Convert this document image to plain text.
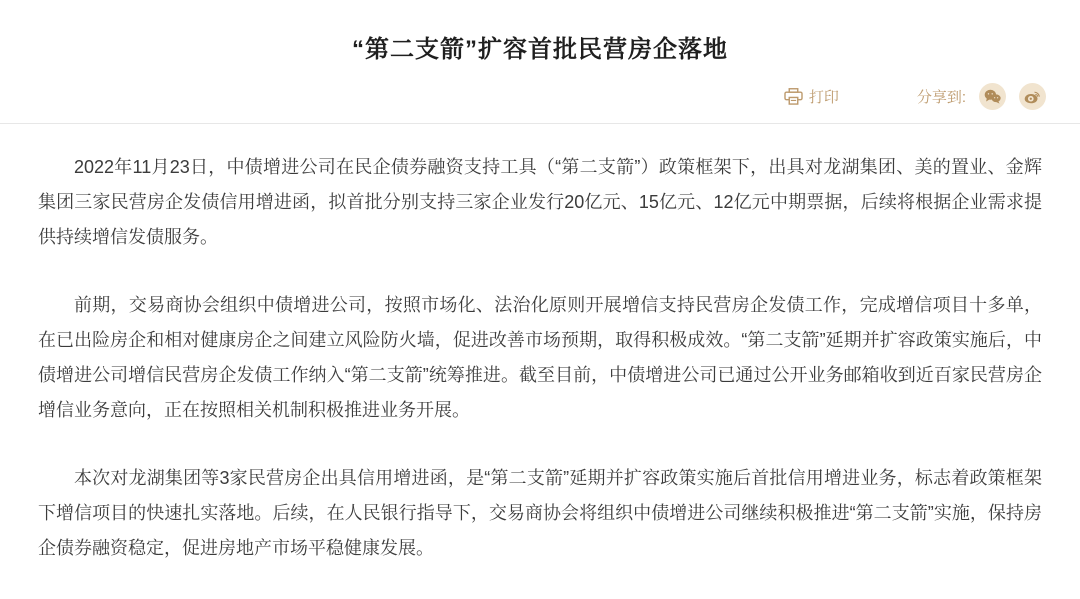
“第二支箭”扩容首批民营房企落地
打印	分享到:

2022年11月23日，中债增进公司在民企债券融资支持工具（“第二支箭”）政策框架下，出具对龙湖集团、美的置业、金辉集团三家民营房企发债信用增进函，拟首批分别支持三家企业发行20亿元、15亿元、12亿元中期票据，后续将根据企业需求提供持续增信发债服务。

前期，交易商协会组织中债增进公司，按照市场化、法治化原则开展增信支持民营房企发债工作，完成增信项目十多单，在已出险房企和相对健康房企之间建立风险防火墙，促进改善市场预期，取得积极成效。“第二支箭”延期并扩容政策实施后，中债增进公司增信民营房企发债工作纳入“第二支箭”统筹推进。截至目前，中债增进公司已通过公开业务邮箱收到近百家民营房企增信业务意向，正在按照相关机制积极推进业务开展。

本次对龙湖集团等3家民营房企出具信用增进函，是“第二支箭”延期并扩容政策实施后首批信用增进业务，标志着政策框架下增信项目的快速扎实落地。后续，在人民银行指导下，交易商协会将组织中债增进公司继续积极推进“第二支箭”实施，保持房企债券融资稳定，促进房地产市场平稳健康发展。
